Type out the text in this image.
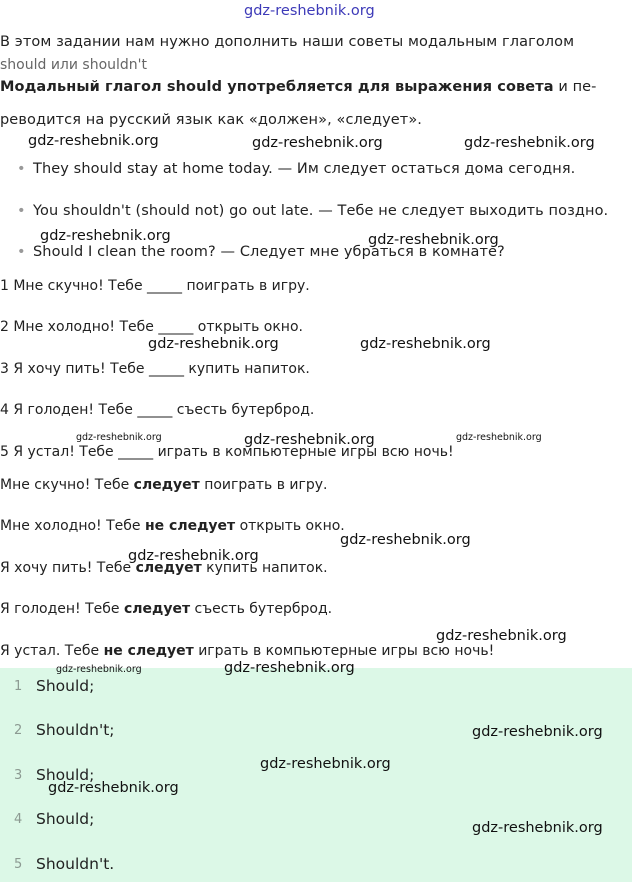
gdz-reshebnik.org
В этом задании нам нужно дополнить наши советы модальным глаголом
should или shouldn't
Модальный глагол should употребляется для выражения совета и пе-
реводится на русский язык как «должен», «следует».
• They should stay at home today. — Им следует остаться дома сегодня.
• You shouldn't (should not) go out late. — Тебе не следует выходить поздно.
• Should I clean the room? — Следует мне убраться в комнате?
1 Мне скучно! Тебе _____ поиграть в игру.
2 Мне холодно! Тебе _____ открыть окно.
3 Я хочу пить! Тебе _____ купить напиток.
4 Я голоден! Тебе _____ съесть бутерброд.
5 Я устал! Тебе _____ играть в компьютерные игры всю ночь!
Мне скучно! Тебе следует поиграть в игру.
Мне холодно! Тебе не следует открыть окно.
Я хочу пить! Тебе следует купить напиток.
Я голоден! Тебе следует съесть бутерброд.
Я устал. Тебе не следует играть в компьютерные игры всю ночь!
1 Should;
2 Shouldn't;
3 Should;
4 Should;
5 Shouldn't.
gdz-reshebnik.org	gdz-reshebnik.org	gdz-reshebnik.org
gdz-reshebnik.org	gdz-reshebnik.org
gdz-reshebnik.org	gdz-reshebnik.org
gdz-reshebnik.org	gdz-reshebnik.org	gdz-reshebnik.org
gdz-reshebnik.org
gdz-reshebnik.org
gdz-reshebnik.org
gdz-reshebnik.org	gdz-reshebnik.org
gdz-reshebnik.org
gdz-reshebnik.org
gdz-reshebnik.org
gdz-reshebnik.org
